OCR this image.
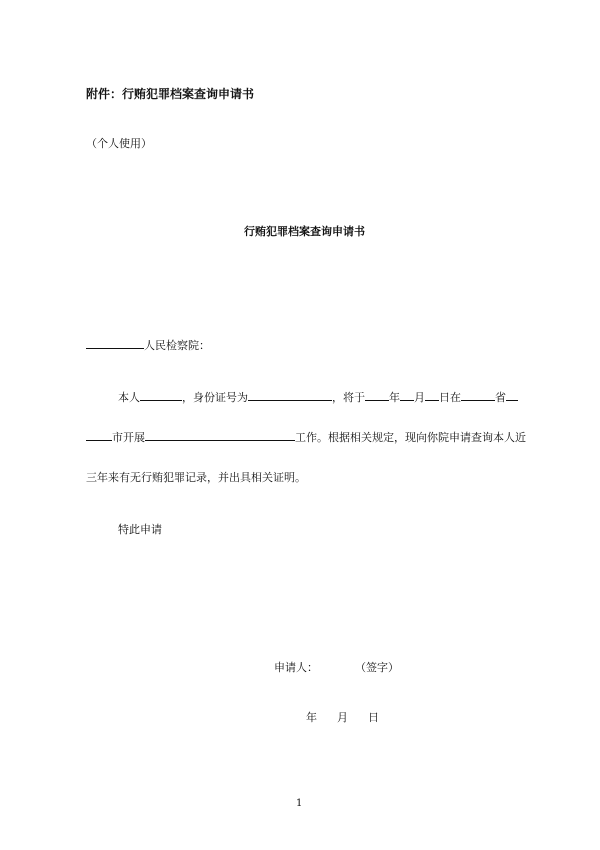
附件：行贿犯罪档案查询申请书
（个人使用）
行贿犯罪档案查询申请书
人民检察院：
本人	，身份证号为	，将于 年 月 日在	省
市开展	工作。根据相关规定，现向你院申请查询本人近
三年来有无行贿犯罪记录，并出具相关证明。
特此申请
申请人：	（签字）
年 月 日
1
